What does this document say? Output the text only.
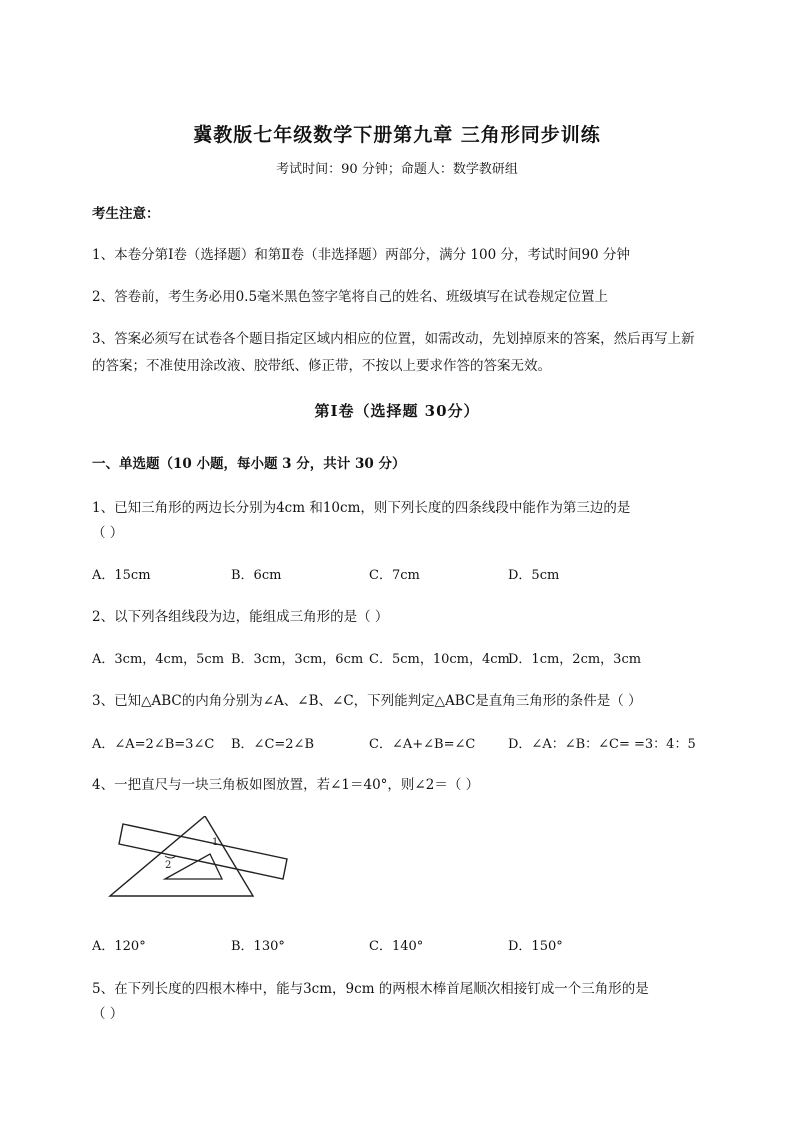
冀教版七年级数学下册第九章 三角形同步训练
考试时间：90 分钟；命题人：数学教研组
考生注意：
1、本卷分第Ⅰ卷（选择题）和第Ⅱ卷（非选择题）两部分，满分 100 分，考试时间90 分钟
2、答卷前，考生务必用0.5毫米黑色签字笔将自己的姓名、班级填写在试卷规定位置上
3、答案必须写在试卷各个题目指定区域内相应的位置，如需改动，先划掉原来的答案，然后再写上新
的答案；不准使用涂改液、胶带纸、修正带，不按以上要求作答的答案无效。
第Ⅰ卷（选择题 30分）
一、单选题（10 小题，每小题 3 分，共计 30 分）
1、已知三角形的两边长分别为4cm 和10cm，则下列长度的四条线段中能作为第三边的是
（ ）
A．15cm	B．6cm	C．7cm	D．5cm
2、以下列各组线段为边，能组成三角形的是（ ）
A．3cm，4cm，5cm B．3cm，3cm，6cm C．5cm，10cm，4cm
D．1cm，2cm，3cm
3、已知△ABC的内角分别为∠A、∠B、∠C，下列能判定△ABC是直角三角形的条件是（ ）
A．∠A=2∠B=3∠C B．∠C=2∠B	C．∠A+∠B=∠C	D．∠A：∠B：∠C= =3：4：5
4、一把直尺与一块三角板如图放置，若∠1＝40°，则∠2＝（ ）
1
2
A．120°	B．130°	C．140°	D．150°
5、在下列长度的四根木棒中，能与3cm，9cm 的两根木棒首尾顺次相接钉成一个三角形的是
（ ）
